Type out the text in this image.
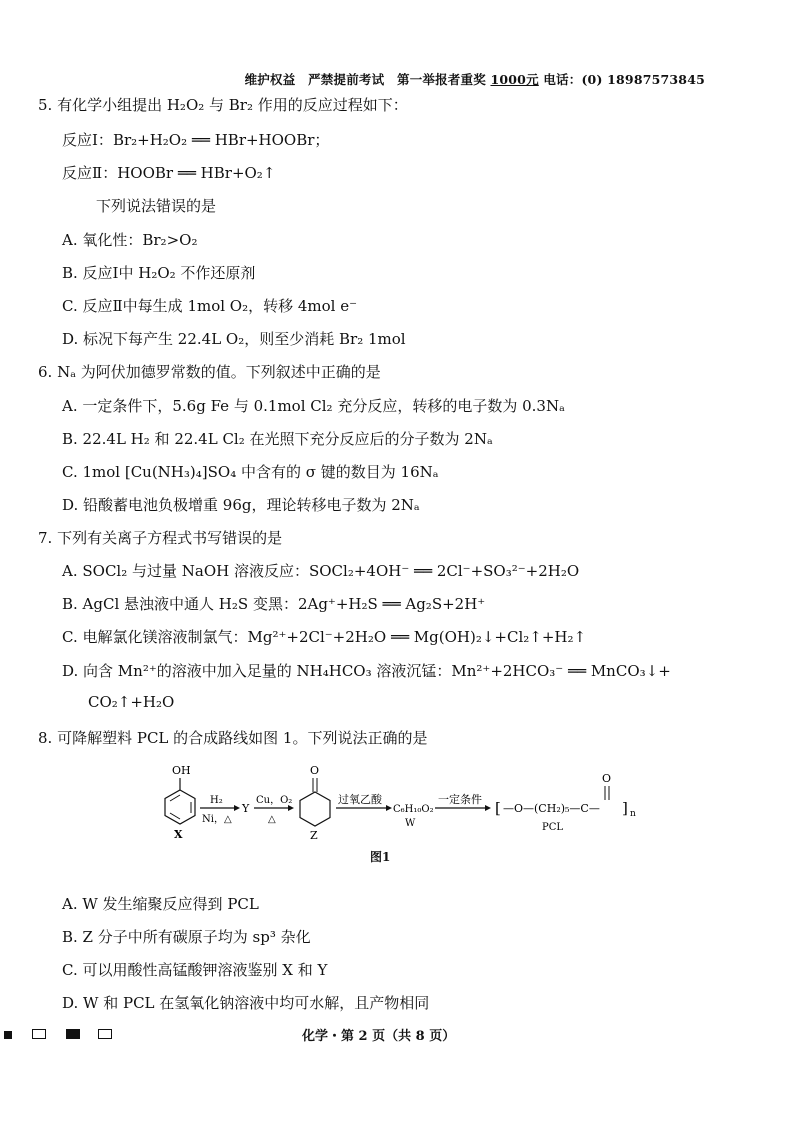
维护权益　严禁提前考试　第一举报者重奖 1000元 电话：(0) 18987573845
5. 有化学小组提出 H₂O₂ 与 Br₂ 作用的反应过程如下：
反应Ⅰ：Br₂+H₂O₂ ══ HBr+HOOBr；
反应Ⅱ：HOOBr ══ HBr+O₂↑
下列说法错误的是
A. 氧化性：Br₂>O₂
B. 反应Ⅰ中 H₂O₂ 不作还原剂
C. 反应Ⅱ中每生成 1mol O₂，转移 4mol e⁻
D. 标况下每产生 22.4L O₂，则至少消耗 Br₂ 1mol
6. Nₐ 为阿伏加德罗常数的值。下列叙述中正确的是
A. 一定条件下，5.6g Fe 与 0.1mol Cl₂ 充分反应，转移的电子数为 0.3Nₐ
B. 22.4L H₂ 和 22.4L Cl₂ 在光照下充分反应后的分子数为 2Nₐ
C. 1mol [Cu(NH₃)₄]SO₄ 中含有的 σ 键的数目为 16Nₐ
D. 铅酸蓄电池负极增重 96g，理论转移电子数为 2Nₐ
7. 下列有关离子方程式书写错误的是
A. SOCl₂ 与过量 NaOH 溶液反应：SOCl₂+4OH⁻ ══ 2Cl⁻+SO₃²⁻+2H₂O
B. AgCl 悬浊液中通人 H₂S 变黑：2Ag⁺+H₂S ══ Ag₂S+2H⁺
C. 电解氯化镁溶液制氯气：Mg²⁺+2Cl⁻+2H₂O ══ Mg(OH)₂↓+Cl₂↑+H₂↑
D. 向含 Mn²⁺的溶液中加入足量的 NH₄HCO₃ 溶液沉锰：Mn²⁺+2HCO₃⁻ ══ MnCO₃↓+
CO₂↑+H₂O
8. 可降解塑料 PCL 的合成路线如图 1。下列说法正确的是
OH
X
H₂
Ni，△
Y
Cu，O₂
△
O
Z
过氧乙酸
C₆H₁₀O₂
W
一定条件 [ —O—(CH₂)₅—C—
O
] n
PCL
图1
A. W 发生缩聚反应得到 PCL
B. Z 分子中所有碳原子均为 sp³ 杂化
C. 可以用酸性高锰酸钾溶液鉴别 X 和 Y
D. W 和 PCL 在氢氧化钠溶液中均可水解，且产物相同
化学・第 2 页（共 8 页）
